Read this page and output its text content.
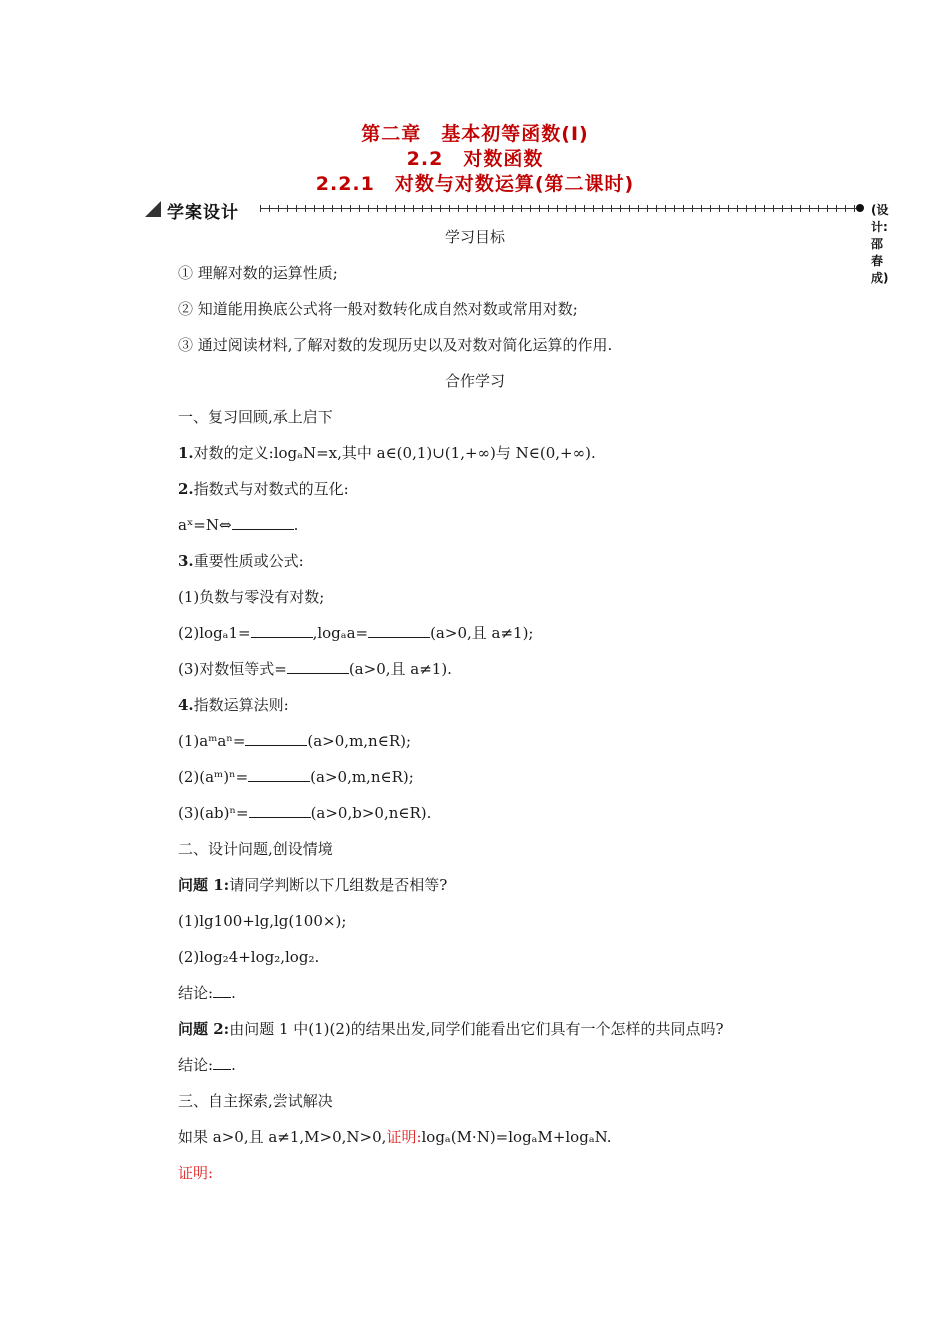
第二章　基本初等函数(Ⅰ)
2.2　对数函数
2.2.1　对数与对数运算(第二课时)
学案设计	(设计:邵春成)
学习目标
① 理解对数的运算性质;
② 知道能用换底公式将一般对数转化成自然对数或常用对数;
③ 通过阅读材料,了解对数的发现历史以及对数对简化运算的作用.
合作学习
一、复习回顾,承上启下
1.对数的定义:logₐN=x,其中 a∈(0,1)∪(1,+∞)与 N∈(0,+∞).
2.指数式与对数式的互化:
aˣ=N⇔	.
3.重要性质或公式:
(1)负数与零没有对数;
(2)logₐ1=	,logₐa=	(a>0,且 a≠1);
(3)对数恒等式=	(a>0,且 a≠1).
4.指数运算法则:
(1)aᵐaⁿ=	(a>0,m,n∈R);
(2)(aᵐ)ⁿ=	(a>0,m,n∈R);
(3)(ab)ⁿ=	(a>0,b>0,n∈R).
二、设计问题,创设情境
问题 1:请同学判断以下几组数是否相等?
(1)lg100+lg,lg(100×);
(2)log₂4+log₂,log₂.
结论: .
问题 2:由问题 1 中(1)(2)的结果出发,同学们能看出它们具有一个怎样的共同点吗?
结论: .
三、自主探索,尝试解决
如果 a>0,且 a≠1,M>0,N>0,证明:logₐ(M·N)=logₐM+logₐN.
证明:
